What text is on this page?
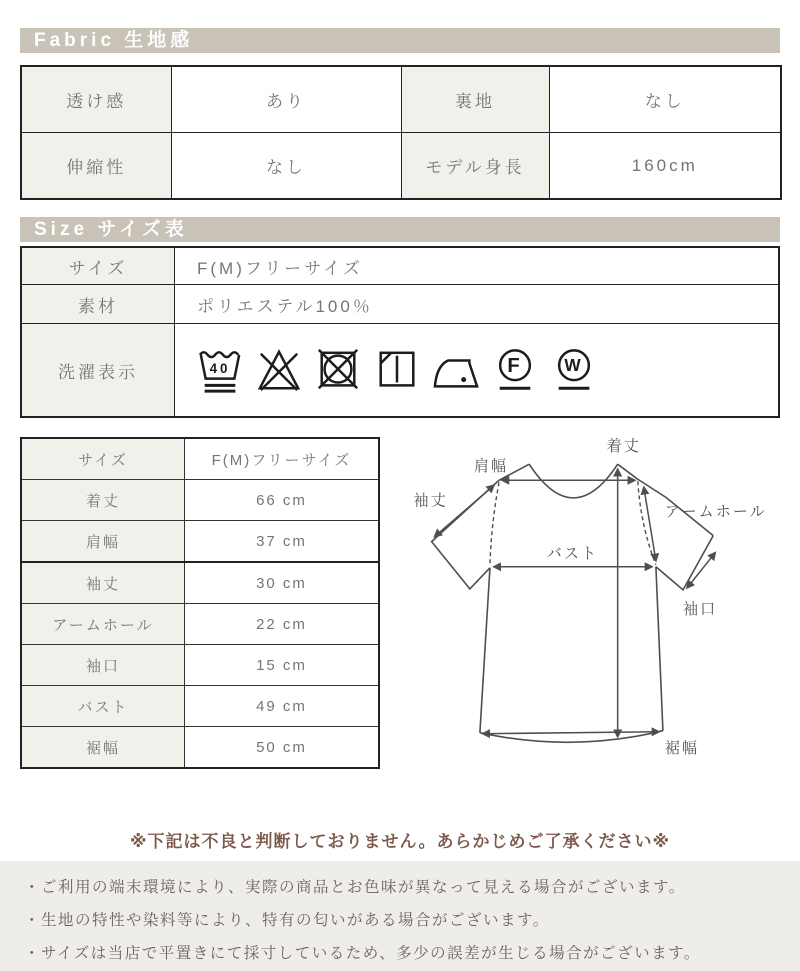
Fabric 生地感
透け感	あり	裏地	なし
伸縮性	なし	モデル身長	160cm
Size サイズ表
サイズ	F(M)フリーサイズ
素材	ポリエステル100％
洗濯表示	40 F W
サイズ	F(M)フリーサイズ
着丈	66 cm
肩幅	37 cm
袖丈	30 cm
アームホール	22 cm
袖口	15 cm
バスト	49 cm
裾幅	50 cm
肩幅
着丈
袖丈
アームホール
バスト
袖口
裾幅
※下記は不良と判断しておりません。あらかじめご了承ください※
・ご利用の端末環境により、実際の商品とお色味が異なって見える場合がございます。
・生地の特性や染料等により、特有の匂いがある場合がございます。
・サイズは当店で平置きにて採寸しているため、多少の誤差が生じる場合がございます。
